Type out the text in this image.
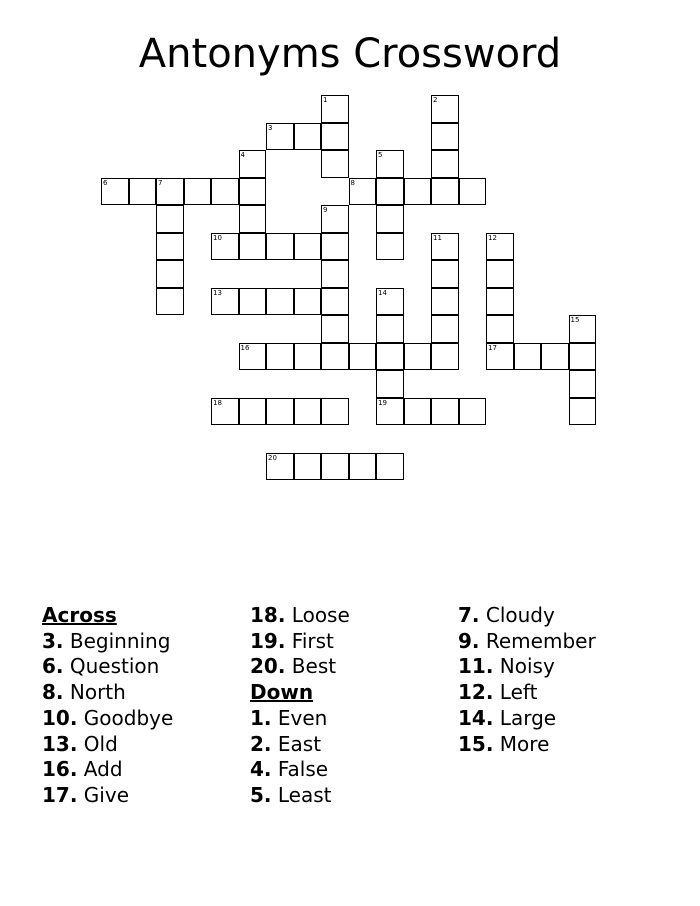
Antonyms Crossword
1	2
3
4	5
6	7	8
9
10	11	12
17
13	14
19
15
16
18
20
Across
3. Beginning
6. Question
8. North
10. Goodbye
13. Old
16. Add
17. Give
18. Loose
19. First
20. Best
Down
1. Even
2. East
4. False
5. Least
7. Cloudy
9. Remember
11. Noisy
12. Left
14. Large
15. More
